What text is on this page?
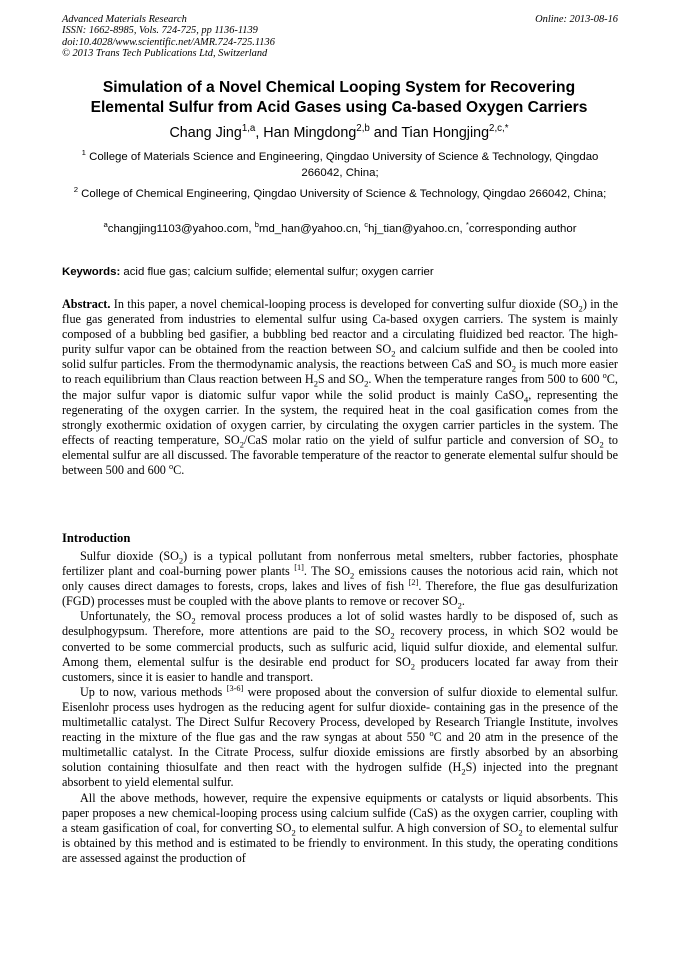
Advanced Materials Research
ISSN: 1662-8985, Vols. 724-725, pp 1136-1139
doi:10.4028/www.scientific.net/AMR.724-725.1136
© 2013 Trans Tech Publications Ltd, Switzerland
Online: 2013-08-16
Simulation of a Novel Chemical Looping System for Recovering
Elemental Sulfur from Acid Gases using Ca-based Oxygen Carriers
Chang Jing$^{1,a}$, Han Mingdong$^{2,b}$ and Tian Hongjing$^{2,c,*}$
$^1$ College of Materials Science and Engineering, Qingdao University of Science & Technology, Qingdao 266042, China;
$^2$ College of Chemical Engineering, Qingdao University of Science & Technology, Qingdao 266042, China;
$^a$changjing1103@yahoo.com, $^b$md_han@yahoo.cn, $^c$hj_tian@yahoo.cn, *corresponding author
Keywords: acid flue gas; calcium sulfide; elemental sulfur; oxygen carrier
Abstract. In this paper, a novel chemical-looping process is developed for converting sulfur dioxide $(SO_2)$ in the flue gas generated from industries to elemental sulfur using Ca-based oxygen carriers. The system is mainly composed of a bubbling bed gasifier, a bubbling bed reactor and a circulating fluidized bed reactor. The high-purity sulfur vapor can be obtained from the reaction between $SO_2$ and calcium sulfide and then be cooled into solid sulfur particles. From the thermodynamic analysis, the reactions between CaS and $SO_2$ is much more easier to reach equilibrium than Claus reaction between $H_2S$ and $SO_2$. When the temperature ranges from 500 to 600 $^o$C, the major sulfur vapor is diatomic sulfur vapor while the solid product is mainly CaSO$_4$, representing the regenerating of the oxygen carrier. In the system, the required heat in the coal gasification comes from the strongly exothermic oxidation of oxygen carrier, by circulating the oxygen carrier particles in the system. The effects of reacting temperature, $SO_2$/CaS molar ratio on the yield of sulfur particle and conversion of $SO_2$ to elemental sulfur are all discussed. The favorable temperature of the reactor to generate elemental sulfur should be between 500 and 600 $^o$C.
Introduction

Sulfur dioxide $(SO_2)$ is a typical pollutant from nonferrous metal smelters, rubber factories, phosphate fertilizer plant and coal-burning power plants [1]. The $SO_2$ emissions causes the notorious acid rain, which not only causes direct damages to forests, crops, lakes and lives of fish [2]. Therefore, the flue gas desulfurization (FGD) processes must be coupled with the above plants to remove or recover $SO_2$.

Unfortunately, the $SO_2$ removal process produces a lot of solid wastes hardly to be disposed of, such as desulphogypsum. Therefore, more attentions are paid to the $SO_2$ recovery process, in which SO2 would be converted to be some commercial products, such as sulfuric acid, liquid sulfur dioxide, and elemental sulfur. Among them, elemental sulfur is the desirable end product for $SO_2$ producers located far away from their customers, since it is easier to handle and transport.

Up to now, various methods [3-6] were proposed about the conversion of sulfur dioxide to elemental sulfur. Eisenlohr process uses hydrogen as the reducing agent for sulfur dioxide- containing gas in the presence of the multimetallic catalyst. The Direct Sulfur Recovery Process, developed by Research Triangle Institute, involves reacting in the mixture of the flue gas and the raw syngas at about 550 $^o$C and 20 atm in the presence of the multimetallic catalyst. In the Citrate Process, sulfur dioxide emissions are firstly absorbed by an absorbing solution containing thiosulfate and then react with the hydrogen sulfide $(H_2S)$ injected into the pregnant absorbent to yield elemental sulfur.

All the above methods, however, require the expensive equipments or catalysts or liquid absorbents. This paper proposes a new chemical-looping process using calcium sulfide (CaS) as the oxygen carrier, coupling with a steam gasification of coal, for converting $SO_2$ to elemental sulfur. A high conversion of $SO_2$ to elemental sulfur is obtained by this method and is estimated to be friendly to environment. In this study, the operating conditions are assessed against the production of
